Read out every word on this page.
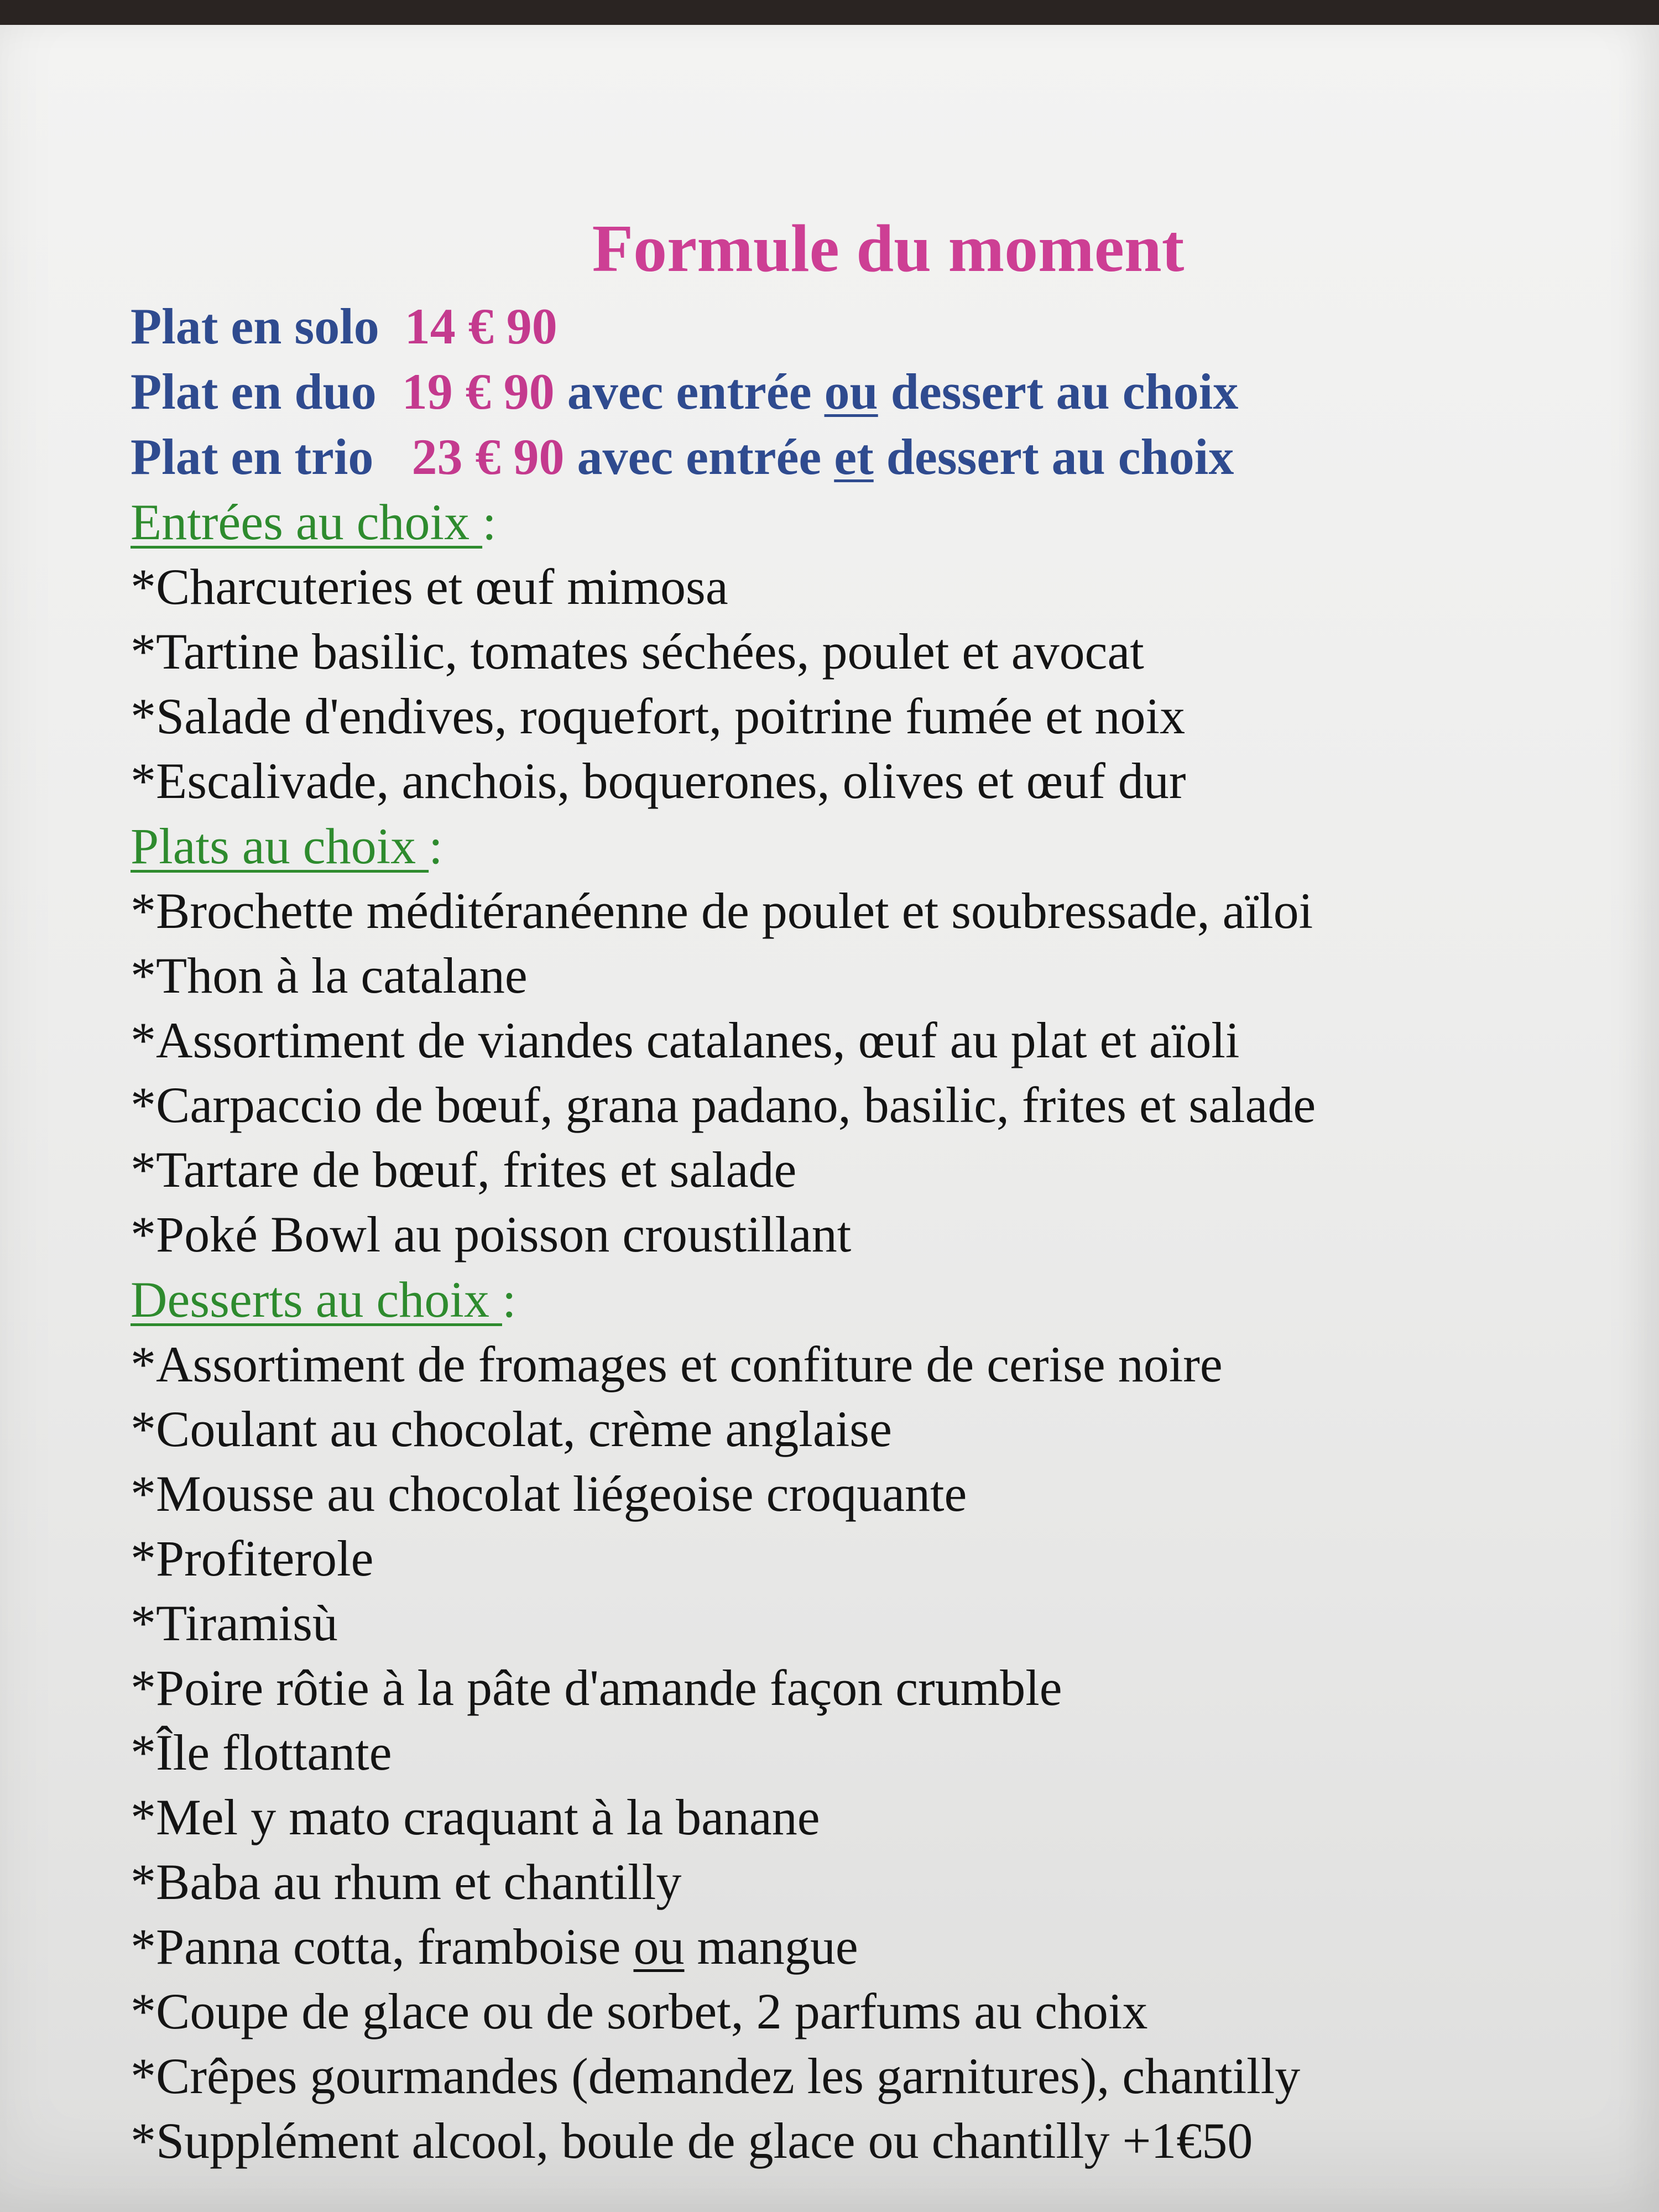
Formule du moment
Plat en solo 14 € 90
Plat en duo 19 € 90 avec entrée ou dessert au choix
Plat en trio 23 € 90 avec entrée et dessert au choix
Entrées au choix :
*Charcuteries et œuf mimosa
*Tartine basilic, tomates séchées, poulet et avocat
*Salade d'endives, roquefort, poitrine fumée et noix
*Escalivade, anchois, boquerones, olives et œuf dur
Plats au choix :
*Brochette méditéranéenne de poulet et soubressade, aïloi
*Thon à la catalane
*Assortiment de viandes catalanes, œuf au plat et aïoli
*Carpaccio de bœuf, grana padano, basilic, frites et salade
*Tartare de bœuf, frites et salade
*Poké Bowl au poisson croustillant
Desserts au choix :
*Assortiment de fromages et confiture de cerise noire
*Coulant au chocolat, crème anglaise
*Mousse au chocolat liégeoise croquante
*Profiterole
*Tiramisù
*Poire rôtie à la pâte d'amande façon crumble
*Île flottante
*Mel y mato craquant à la banane
*Baba au rhum et chantilly
*Panna cotta, framboise ou mangue
*Coupe de glace ou de sorbet, 2 parfums au choix
*Crêpes gourmandes (demandez les garnitures), chantilly
*Supplément alcool, boule de glace ou chantilly +1€50
